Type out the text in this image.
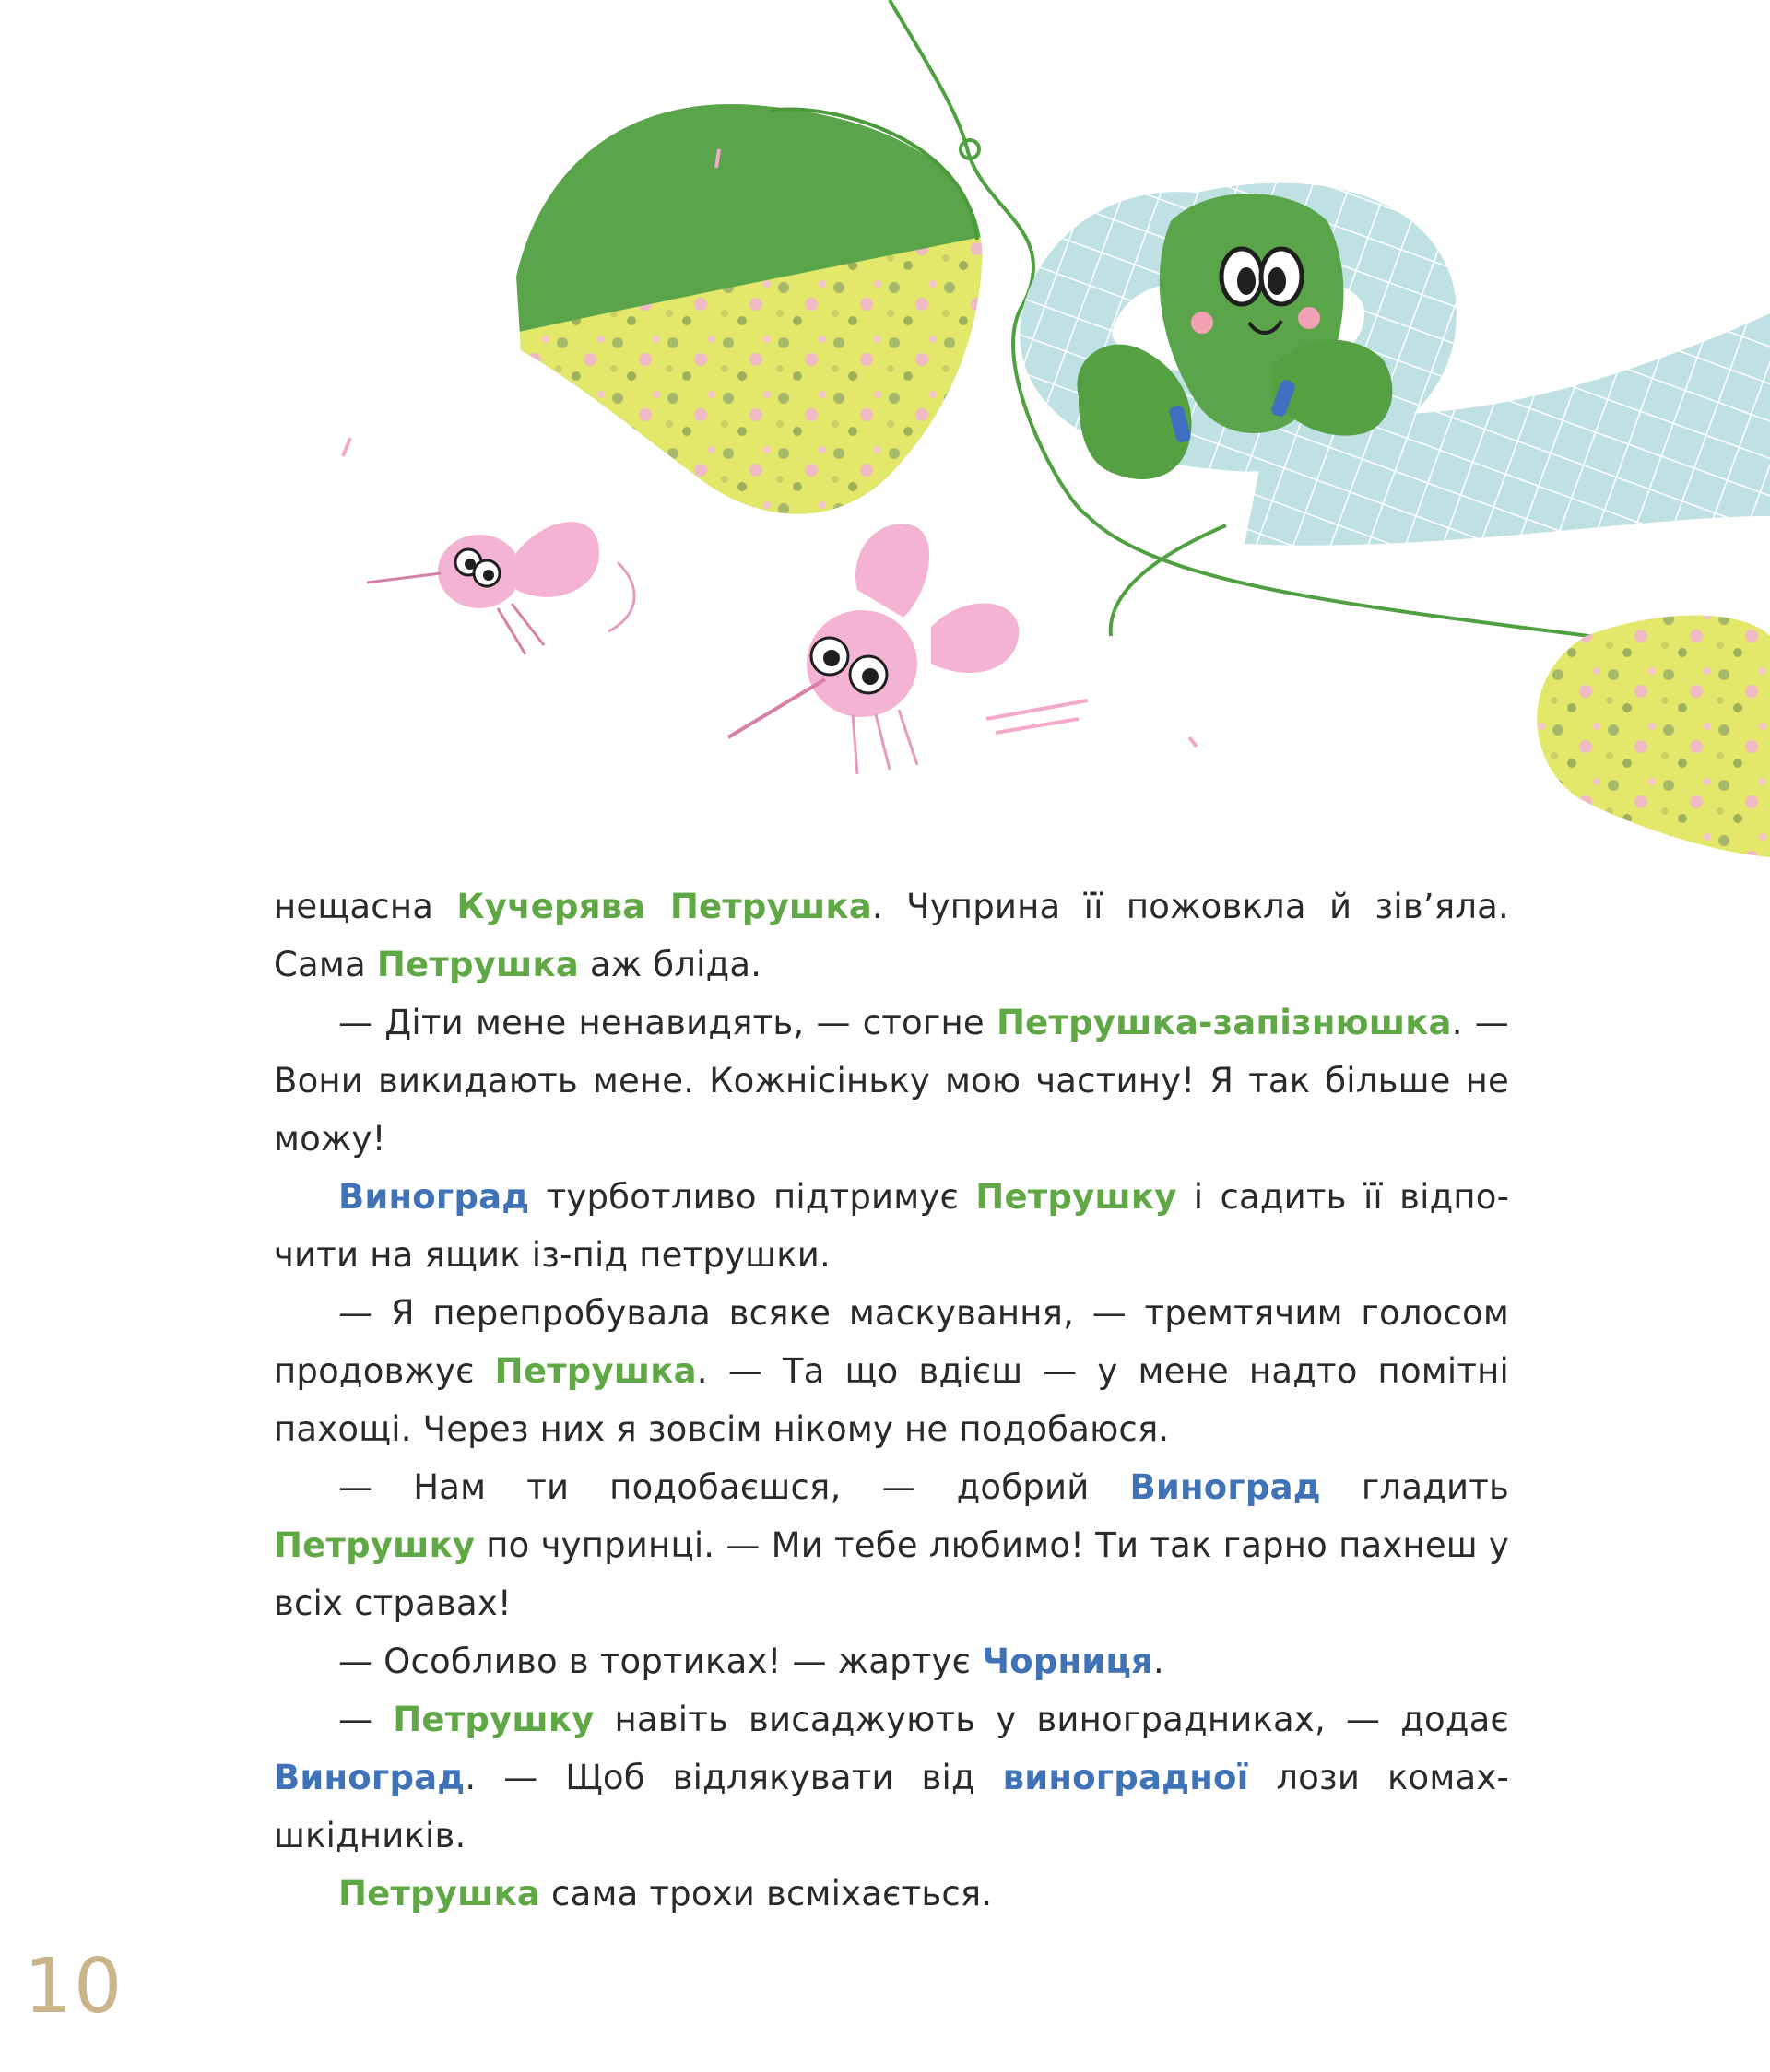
нещасна Кучерява Петрушка. Чуприна її пожовкла й зів’яла. Сама Петрушка аж бліда.

— Діти мене ненавидять, — стогне Петрушка-запізнюшка. — Вони викидають мене. Кожнісіньку мою частину! Я так більше не можу!

Виноград турботливо підтримує Петрушку і садить її відпочити на ящик із-під петрушки.

— Я перепробувала всяке маскування, — тремтячим голосом продовжує Петрушка. — Та що вдієш — у мене надто помітні пахощі. Через них я зовсім нікому не подобаюся.

— Нам ти подобаєшся, — добрий Виноград гладить Петрушку по чупринці. — Ми тебе любимо! Ти так гарно пахнеш у всіх стравах!

— Особливо в тортиках! — жартує Чорниця.

— Петрушку навіть висаджують у виноградниках, — додає Виноград. — Щоб відлякувати від виноградної лози комах-шкідників.

Петрушка сама трохи всміхається.

10
